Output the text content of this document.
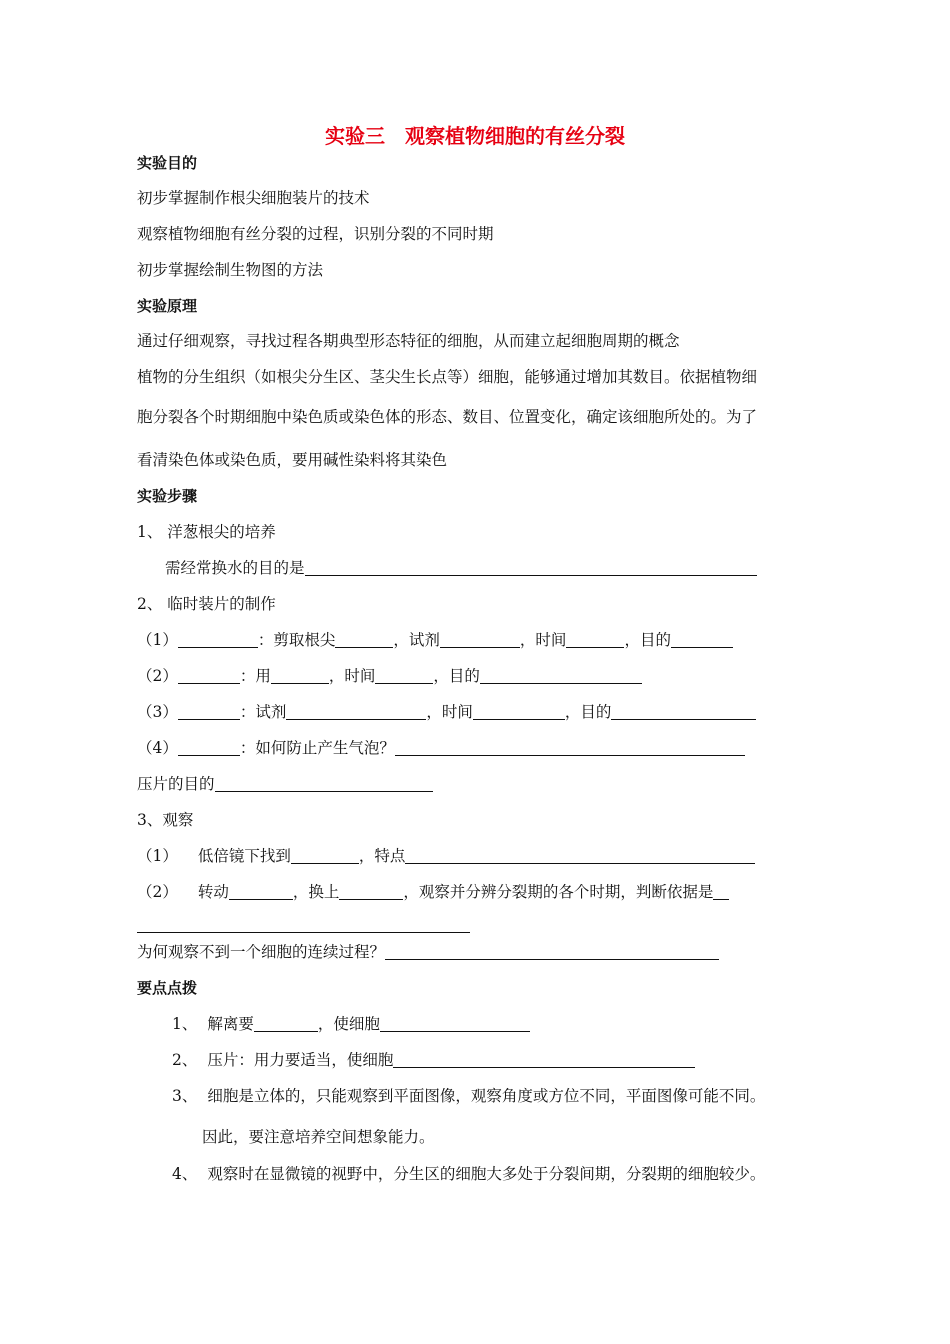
实验三　观察植物细胞的有丝分裂
实验目的
初步掌握制作根尖细胞装片的技术
观察植物细胞有丝分裂的过程，识别分裂的不同时期
初步掌握绘制生物图的方法
实验原理
通过仔细观察，寻找过程各期典型形态特征的细胞，从而建立起细胞周期的概念
植物的分生组织（如根尖分生区、茎尖生长点等）细胞，能够通过增加其数目。依据植物细
胞分裂各个时期细胞中染色质或染色体的形态、数目、位置变化，确定该细胞所处的。为了
看清染色体或染色质，要用碱性染料将其染色
实验步骤
1、 洋葱根尖的培养
需经常换水的目的是
2、 临时装片的制作
（1）	：剪取根尖	，试剂	，时间	，目的
（2）	：用	，时间	，目的
（3）	：试剂	，时间	，目的
（4）	：如何防止产生气泡？
压片的目的
3、观察
（1） 低倍镜下找到	，特点
（2） 转动	，换上	，观察并分辨分裂期的各个时期，判断依据是
为何观察不到一个细胞的连续过程？
要点点拨
1、 解离要	，使细胞
2、 压片：用力要适当，使细胞
3、 细胞是立体的，只能观察到平面图像，观察角度或方位不同，平面图像可能不同。
因此，要注意培养空间想象能力。
4、 观察时在显微镜的视野中，分生区的细胞大多处于分裂间期，分裂期的细胞较少。
